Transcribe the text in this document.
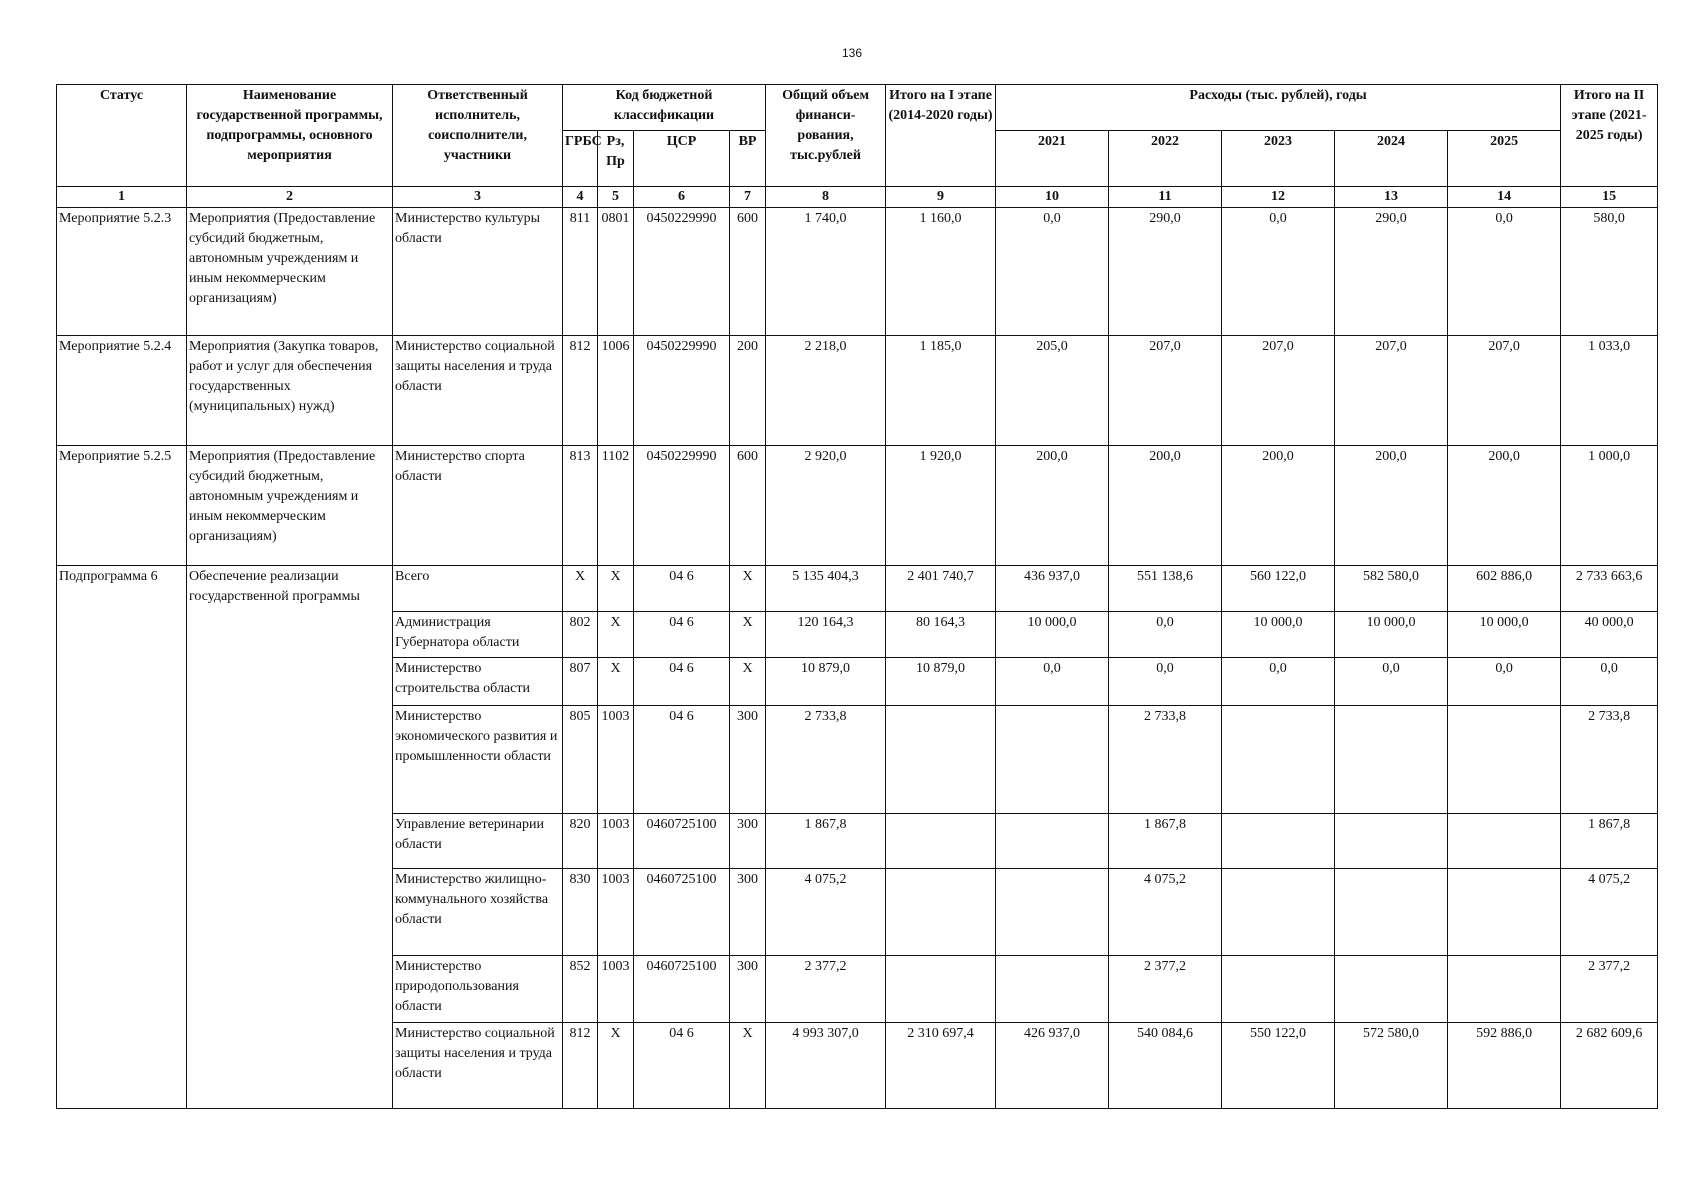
136
Статус	Наименование государственной программы, подпрограммы, основного мероприятия	Ответственный исполнитель, соисполнители, участники	Код бюджетной классификации				Общий объем финанси-рования, тыс.рублей	Итого на I этапе (2014-2020 годы)	Расходы (тыс. рублей), годы					Итого на II этапе (2021-2025 годы)
			ГРБС	Рз, Пр	ЦСР	ВР			2021	2022	2023	2024	2025	
1	2	3	4	5	6	7	8	9	10	11	12	13	14	15
Мероприятие 5.2.3	Мероприятия (Предоставление субсидий бюджетным, автономным учреждениям и иным некоммерческим организациям)	Министерство культуры области	811	0801	0450229990	600	1 740,0	1 160,0	0,0	290,0	0,0	290,0	0,0	580,0
Мероприятие 5.2.4	Мероприятия (Закупка товаров, работ и услуг для обеспечения государственных (муниципальных) нужд)	Министерство социальной защиты населения и труда области	812	1006	0450229990	200	2 218,0	1 185,0	205,0	207,0	207,0	207,0	207,0	1 033,0
Мероприятие 5.2.5	Мероприятия (Предоставление субсидий бюджетным, автономным учреждениям и иным некоммерческим организациям)	Министерство спорта области	813	1102	0450229990	600	2 920,0	1 920,0	200,0	200,0	200,0	200,0	200,0	1 000,0
Подпрограмма 6	Обеспечение реализации государственной программы	Всего	Х	Х	04 6	Х	5 135 404,3	2 401 740,7	436 937,0	551 138,6	560 122,0	582 580,0	602 886,0	2 733 663,6
		Администрация Губернатора области	802	Х	04 6	Х	120 164,3	80 164,3	10 000,0	0,0	10 000,0	10 000,0	10 000,0	40 000,0
		Министерство строительства области	807	Х	04 6	Х	10 879,0	10 879,0	0,0	0,0	0,0	0,0	0,0	0,0
		Министерство экономического развития и промышленности области	805	1003	04 6	300	2 733,8			2 733,8				2 733,8
		Управление ветеринарии области	820	1003	0460725100	300	1 867,8			1 867,8				1 867,8
		Министерство жилищно-коммунального хозяйства области	830	1003	0460725100	300	4 075,2			4 075,2				4 075,2
		Министерство природопользования области	852	1003	0460725100	300	2 377,2			2 377,2				2 377,2
		Министерство социальной защиты населения и труда области	812	Х	04 6	Х	4 993 307,0	2 310 697,4	426 937,0	540 084,6	550 122,0	572 580,0	592 886,0	2 682 609,6
